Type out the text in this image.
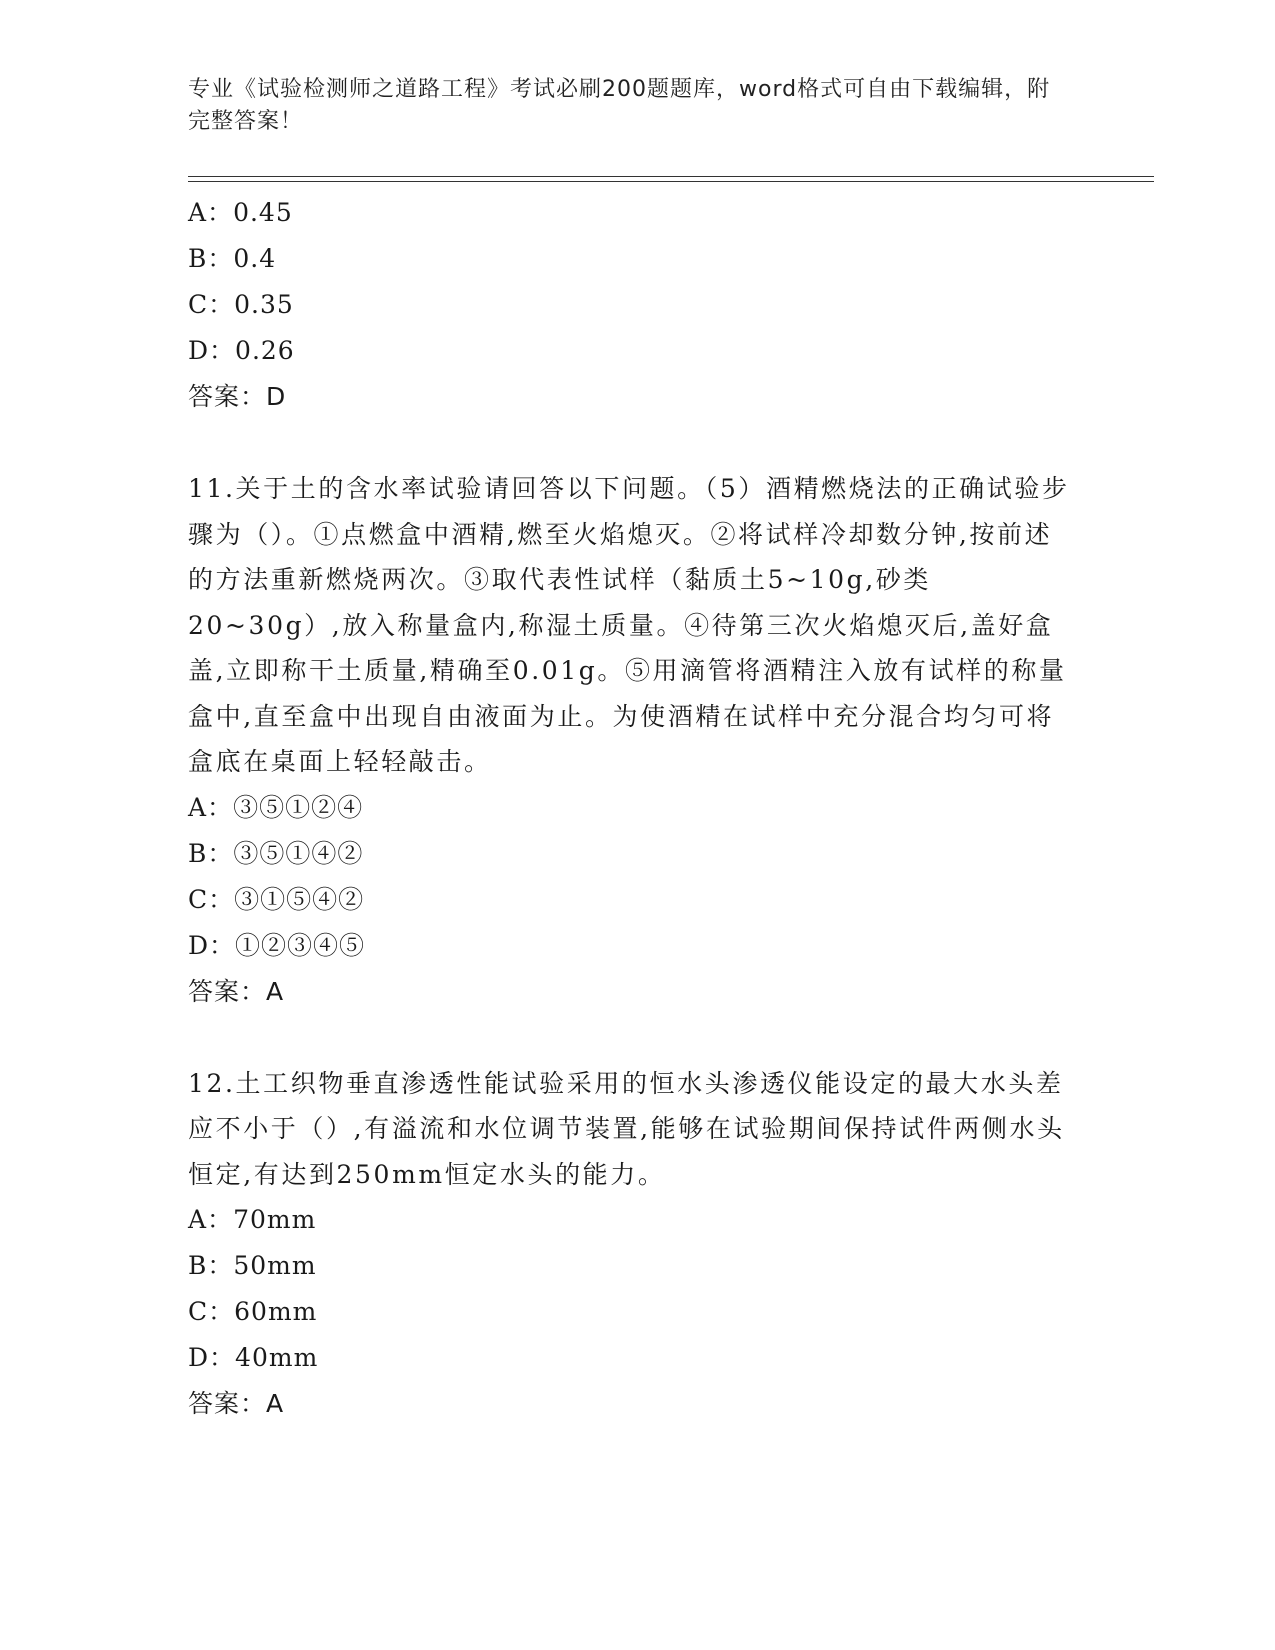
专业《试验检测师之道路工程》考试必刷200题题库，word格式可自由下载编辑，附完整答案！
A：0.45
B：0.4
C：0.35
D：0.26
答案：D
11.关于土的含水率试验请回答以下问题。（5）酒精燃烧法的正确试验步骤为（）。①点燃盒中酒精,燃至火焰熄灭。②将试样冷却数分钟,按前述的方法重新燃烧两次。③取代表性试样（黏质土5~10g,砂类20~30g）,放入称量盒内,称湿土质量。④待第三次火焰熄灭后,盖好盒盖,立即称干土质量,精确至0.01g。⑤用滴管将酒精注入放有试样的称量盒中,直至盒中出现自由液面为止。为使酒精在试样中充分混合均匀可将盒底在桌面上轻轻敲击。
A：③⑤①②④
B：③⑤①④②
C：③①⑤④②
D：①②③④⑤
答案：A
12.土工织物垂直渗透性能试验采用的恒水头渗透仪能设定的最大水头差应不小于（）,有溢流和水位调节装置,能够在试验期间保持试件两侧水头恒定,有达到250mm恒定水头的能力。
A：70mm
B：50mm
C：60mm
D：40mm
答案：A
